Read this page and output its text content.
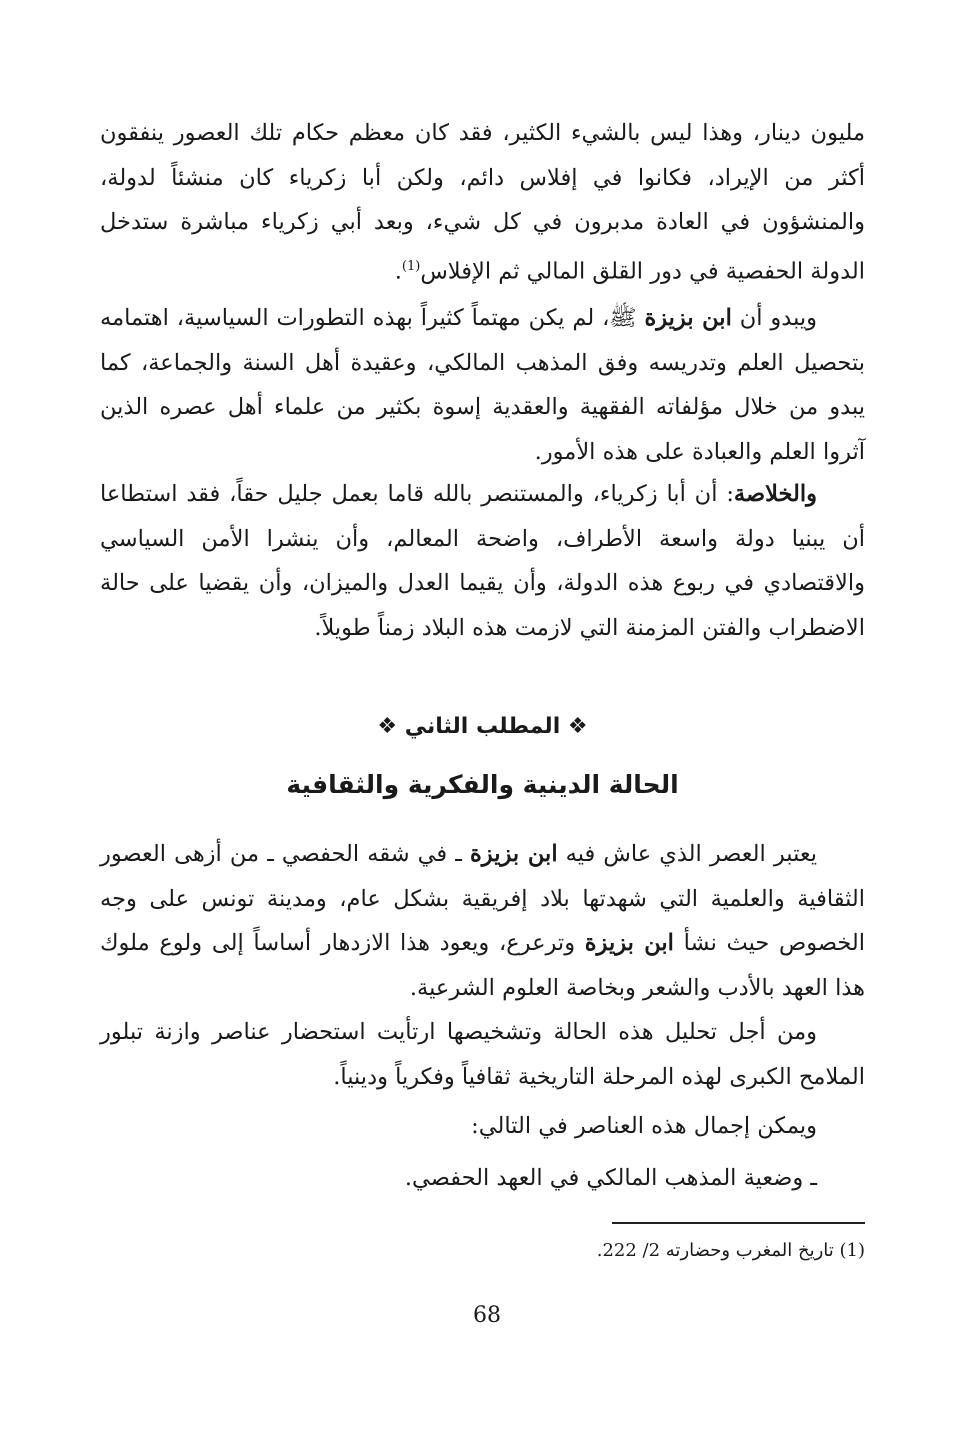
مليون دينار، وهذا ليس بالشيء الكثير، فقد كان معظم حكام تلك العصور ينفقون أكثر من الإيراد، فكانوا في إفلاس دائم، ولكن أبا زكرياء كان منشئاً لدولة، والمنشؤون في العادة مدبرون في كل شيء، وبعد أبي زكرياء مباشرة ستدخل الدولة الحفصية في دور القلق المالي ثم الإفلاس$^{(1)}$.

ويبدو أن ابن بزيزة ﷺ، لم يكن مهتماً كثيراً بهذه التطورات السياسية، اهتمامه بتحصيل العلم وتدريسه وفق المذهب المالكي، وعقيدة أهل السنة والجماعة، كما يبدو من خلال مؤلفاته الفقهية والعقدية إسوة بكثير من علماء أهل عصره الذين آثروا العلم والعبادة على هذه الأمور.

والخلاصة: أن أبا زكرياء، والمستنصر بالله قاما بعمل جليل حقاً، فقد استطاعا أن يبنيا دولة واسعة الأطراف، واضحة المعالم، وأن ينشرا الأمن السياسي والاقتصادي في ربوع هذه الدولة، وأن يقيما العدل والميزان، وأن يقضيا على حالة الاضطراب والفتن المزمنة التي لازمت هذه البلاد زمناً طويلاً.

❖ المطلب الثاني ❖

الحالة الدينية والفكرية والثقافية

يعتبر العصر الذي عاش فيه ابن بزيزة ـ في شقه الحفصي ـ من أزهى العصور الثقافية والعلمية التي شهدتها بلاد إفريقية بشكل عام، ومدينة تونس على وجه الخصوص حيث نشأ ابن بزيزة وترعرع، ويعود هذا الازدهار أساساً إلى ولوع ملوك هذا العهد بالأدب والشعر وبخاصة العلوم الشرعية.

ومن أجل تحليل هذه الحالة وتشخيصها ارتأيت استحضار عناصر وازنة تبلور الملامح الكبرى لهذه المرحلة التاريخية ثقافياً وفكرياً ودينياً.

ويمكن إجمال هذه العناصر في التالي:

ـ وضعية المذهب المالكي في العهد الحفصي.

(1) تاريخ المغرب وحضارته 2/ 222.

68
